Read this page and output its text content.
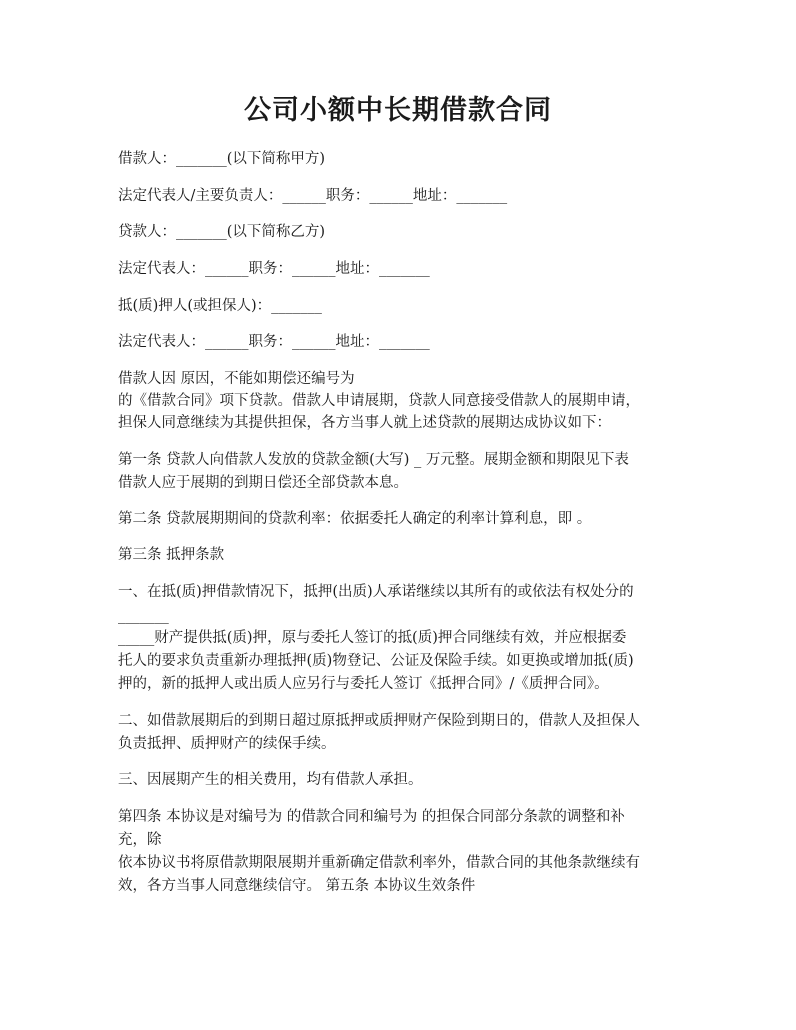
公司小额中长期借款合同

借款人：_______(以下简称甲方)

法定代表人/主要负责人：______职务：______地址：_______

贷款人：_______(以下简称乙方)

法定代表人：______职务：______地址：_______

抵(质)押人(或担保人)：_______

法定代表人：______职务：______地址：_______

借款人因 原因，不能如期偿还编号为

的《借款合同》项下贷款。借款人申请展期，贷款人同意接受借款人的展期申请，

担保人同意继续为其提供担保，各方当事人就上述贷款的展期达成协议如下：

第一条 贷款人向借款人发放的贷款金额(大写) _ 万元整。展期金额和期限见下表

借款人应于展期的到期日偿还全部贷款本息。

第二条 贷款展期期间的贷款利率：依据委托人确定的利率计算利息，即 。

第三条 抵押条款

一、在抵(质)押借款情况下，抵押(出质)人承诺继续以其所有的或依法有权处分的

_______

_____财产提供抵(质)押，原与委托人签订的抵(质)押合同继续有效，并应根据委

托人的要求负责重新办理抵押(质)物登记、公证及保险手续。如更换或增加抵(质)

押的，新的抵押人或出质人应另行与委托人签订《抵押合同》/《质押合同》。

二、如借款展期后的到期日超过原抵押或质押财产保险到期日的，借款人及担保人

负责抵押、质押财产的续保手续。

三、因展期产生的相关费用，均有借款人承担。

第四条 本协议是对编号为 的借款合同和编号为 的担保合同部分条款的调整和补

充，除

依本协议书将原借款期限展期并重新确定借款利率外，借款合同的其他条款继续有

效，各方当事人同意继续信守。 第五条 本协议生效条件
